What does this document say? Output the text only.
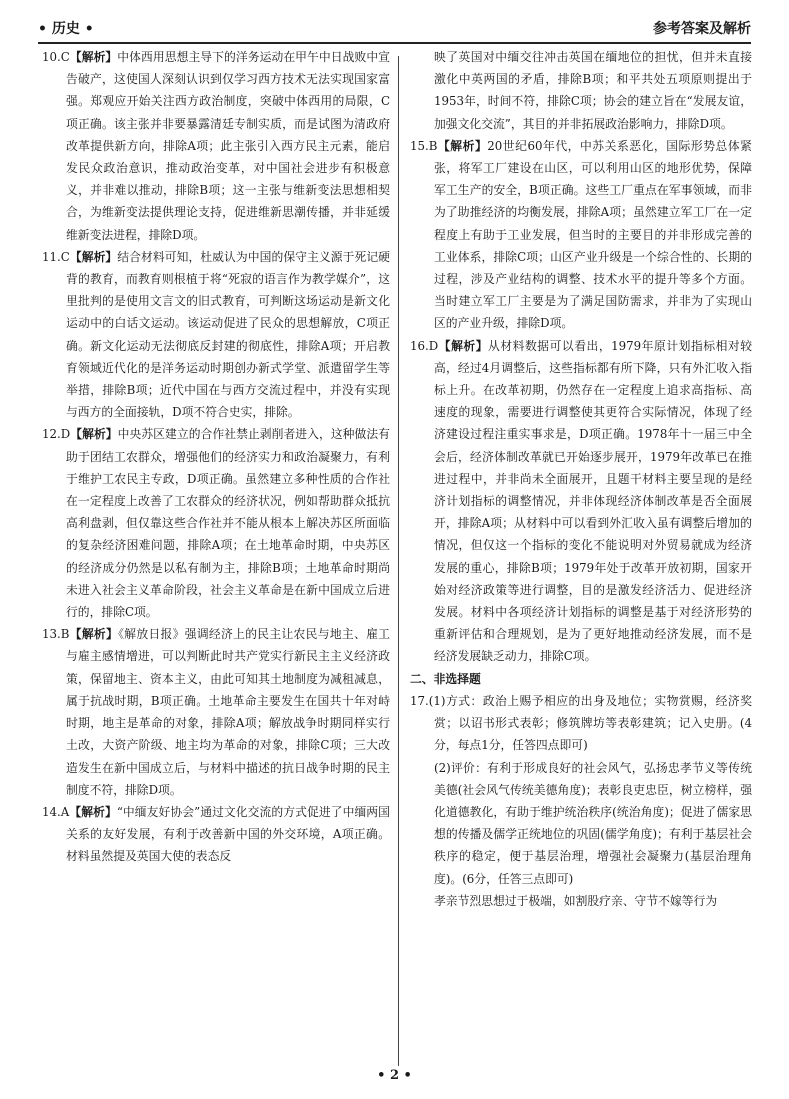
• 历史 •	参考答案及解析

10.C【解析】中体西用思想主导下的洋务运动在甲午中日战败中宣告破产，这使国人深刻认识到仅学习西方技术无法实现国家富强。郑观应开始关注西方政治制度，突破中体西用的局限，C项正确。该主张并非要暴露清廷专制实质，而是试图为清政府改革提供新方向，排除A项；此主张引入西方民主元素，能启发民众政治意识，推动政治变革，对中国社会进步有积极意义，并非难以推动，排除B项；这一主张与维新变法思想相契合，为维新变法提供理论支持，促进维新思潮传播，并非延缓维新变法进程，排除D项。

11.C【解析】结合材料可知，杜威认为中国的保守主义源于死记硬背的教育，而教育则根植于将“死寂的语言作为教学媒介”，这里批判的是使用文言文的旧式教育，可判断这场运动是新文化运动中的白话文运动。该运动促进了民众的思想解放，C项正确。新文化运动无法彻底反封建的彻底性，排除A项；开启教育领域近代化的是洋务运动时期创办新式学堂、派遣留学生等举措，排除B项；近代中国在与西方交流过程中，并没有实现与西方的全面接轨，D项不符合史实，排除。

12.D【解析】中央苏区建立的合作社禁止剥削者进入，这种做法有助于团结工农群众，增强他们的经济实力和政治凝聚力，有利于维护工农民主专政，D项正确。虽然建立多种性质的合作社在一定程度上改善了工农群众的经济状况，例如帮助群众抵抗高利盘剥，但仅靠这些合作社并不能从根本上解决苏区所面临的复杂经济困难问题，排除A项；在土地革命时期，中央苏区的经济成分仍然是以私有制为主，排除B项；土地革命时期尚未进入社会主义革命阶段，社会主义革命是在新中国成立后进行的，排除C项。

13.B【解析】《解放日报》强调经济上的民主让农民与地主、雇工与雇主感情增进，可以判断此时共产党实行新民主主义经济政策，保留地主、资本主义，由此可知其土地制度为减租减息，属于抗战时期，B项正确。土地革命主要发生在国共十年对峙时期，地主是革命的对象，排除A项；解放战争时期同样实行土改，大资产阶级、地主均为革命的对象，排除C项；三大改造发生在新中国成立后，与材料中描述的抗日战争时期的民主制度不符，排除D项。

14.A【解析】“中缅友好协会”通过文化交流的方式促进了中缅两国关系的友好发展，有利于改善新中国的外交环境，A项正确。材料虽然提及英国大使的表态反

映了英国对中缅交往冲击英国在缅地位的担忧，但并未直接激化中英两国的矛盾，排除B项；和平共处五项原则提出于1953年，时间不符，排除C项；协会的建立旨在“发展友谊，加强文化交流”，其目的并非拓展政治影响力，排除D项。

15.B【解析】20世纪60年代，中苏关系恶化，国际形势总体紧张，将军工厂建设在山区，可以利用山区的地形优势，保障军工生产的安全，B项正确。这些工厂重点在军事领域，而非为了助推经济的均衡发展，排除A项；虽然建立军工厂在一定程度上有助于工业发展，但当时的主要目的并非形成完善的工业体系，排除C项；山区产业升级是一个综合性的、长期的过程，涉及产业结构的调整、技术水平的提升等多个方面。当时建立军工厂主要是为了满足国防需求，并非为了实现山区的产业升级，排除D项。

16.D【解析】从材料数据可以看出，1979年原计划指标相对较高，经过4月调整后，这些指标都有所下降，只有外汇收入指标上升。在改革初期，仍然存在一定程度上追求高指标、高速度的现象，需要进行调整使其更符合实际情况，体现了经济建设过程注重实事求是，D项正确。1978年十一届三中全会后，经济体制改革就已开始逐步展开，1979年改革已在推进过程中，并非尚未全面展开，且题干材料主要呈现的是经济计划指标的调整情况，并非体现经济体制改革是否全面展开，排除A项；从材料中可以看到外汇收入虽有调整后增加的情况，但仅这一个指标的变化不能说明对外贸易就成为经济发展的重心，排除B项；1979年处于改革开放初期，国家开始对经济政策等进行调整，目的是激发经济活力、促进经济发展。材料中各项经济计划指标的调整是基于对经济形势的重新评估和合理规划，是为了更好地推动经济发展，而不是经济发展缺乏动力，排除C项。

二、非选择题

17.(1)方式：政治上赐予相应的出身及地位；实物赏赐，经济奖赏；以诏书形式表彰；修筑牌坊等表彰建筑；记入史册。(4分，每点1分，任答四点即可)

(2)评价：有利于形成良好的社会风气，弘扬忠孝节义等传统美德(社会风气传统美德角度)；表彰良吏忠臣，树立榜样，强化道德教化，有助于维护统治秩序(统治角度)；促进了儒家思想的传播及儒学正统地位的巩固(儒学角度)；有利于基层社会秩序的稳定，便于基层治理，增强社会凝聚力(基层治理角度)。(6分，任答三点即可)

孝亲节烈思想过于极端，如割股疗亲、守节不嫁等行为

• 2 •
